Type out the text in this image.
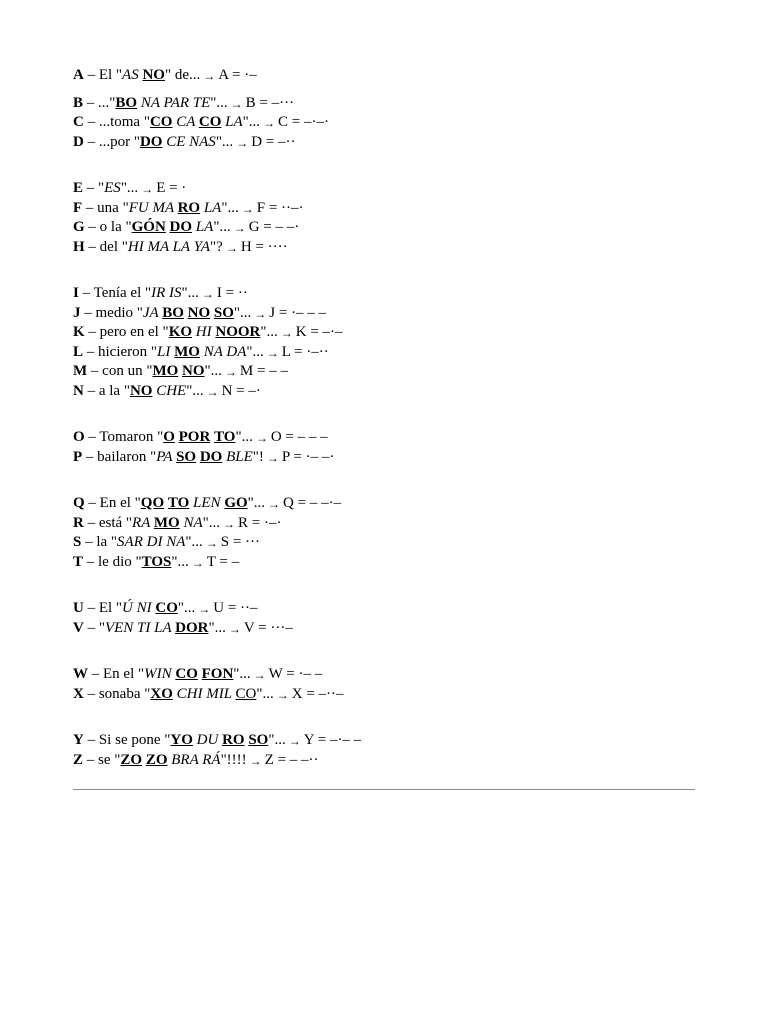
A – El "AS NO" de... → A = ·–
B – ..."BO NA PAR TE"... → B = –···
C – ...toma "CO CA CO LA"... → C = –·–·
D – ...por "DO CE NAS"... → D = –··
E – "ES"... → E = ·
F – una "FU MA RO LA"... → F = ··–·
G – o la "GÓN DO LA"... → G = – –·
H – del "HI MA LA YA"? → H = ····
I – Tenía el "IR IS"... → I = ··
J – medio "JA BO NO SO"... → J = ·– – –
K – pero en el "KO HI NOOR"... → K = –·–
L – hicieron "LI MO NA DA"... → L = ·–··
M – con un "MO NO"... → M = – –
N – a la "NO CHE"... → N = –·
O – Tomaron "O POR TO"... → O = – – –
P – bailaron "PA SO DO BLE"! → P = ·– –·
Q – En el "QO TO LEN GO"... → Q = – –·–
R – está "RA MO NA"... → R = ·–·
S – la "SAR DI NA"... → S = ···
T – le dio "TOS"... → T = –
U – El "Ú NI CO"... → U = ··–
V – "VEN TI LA DOR"... → V = ···–
W – En el "WIN CO FON"... → W = ·– –
X – sonaba "XO CHI MIL CO"... → X = –··–
Y – Si se pone "YO DU RO SO"... → Y = –·– –
Z – se "ZO ZO BRA RÁ"!!!! → Z = – –··
